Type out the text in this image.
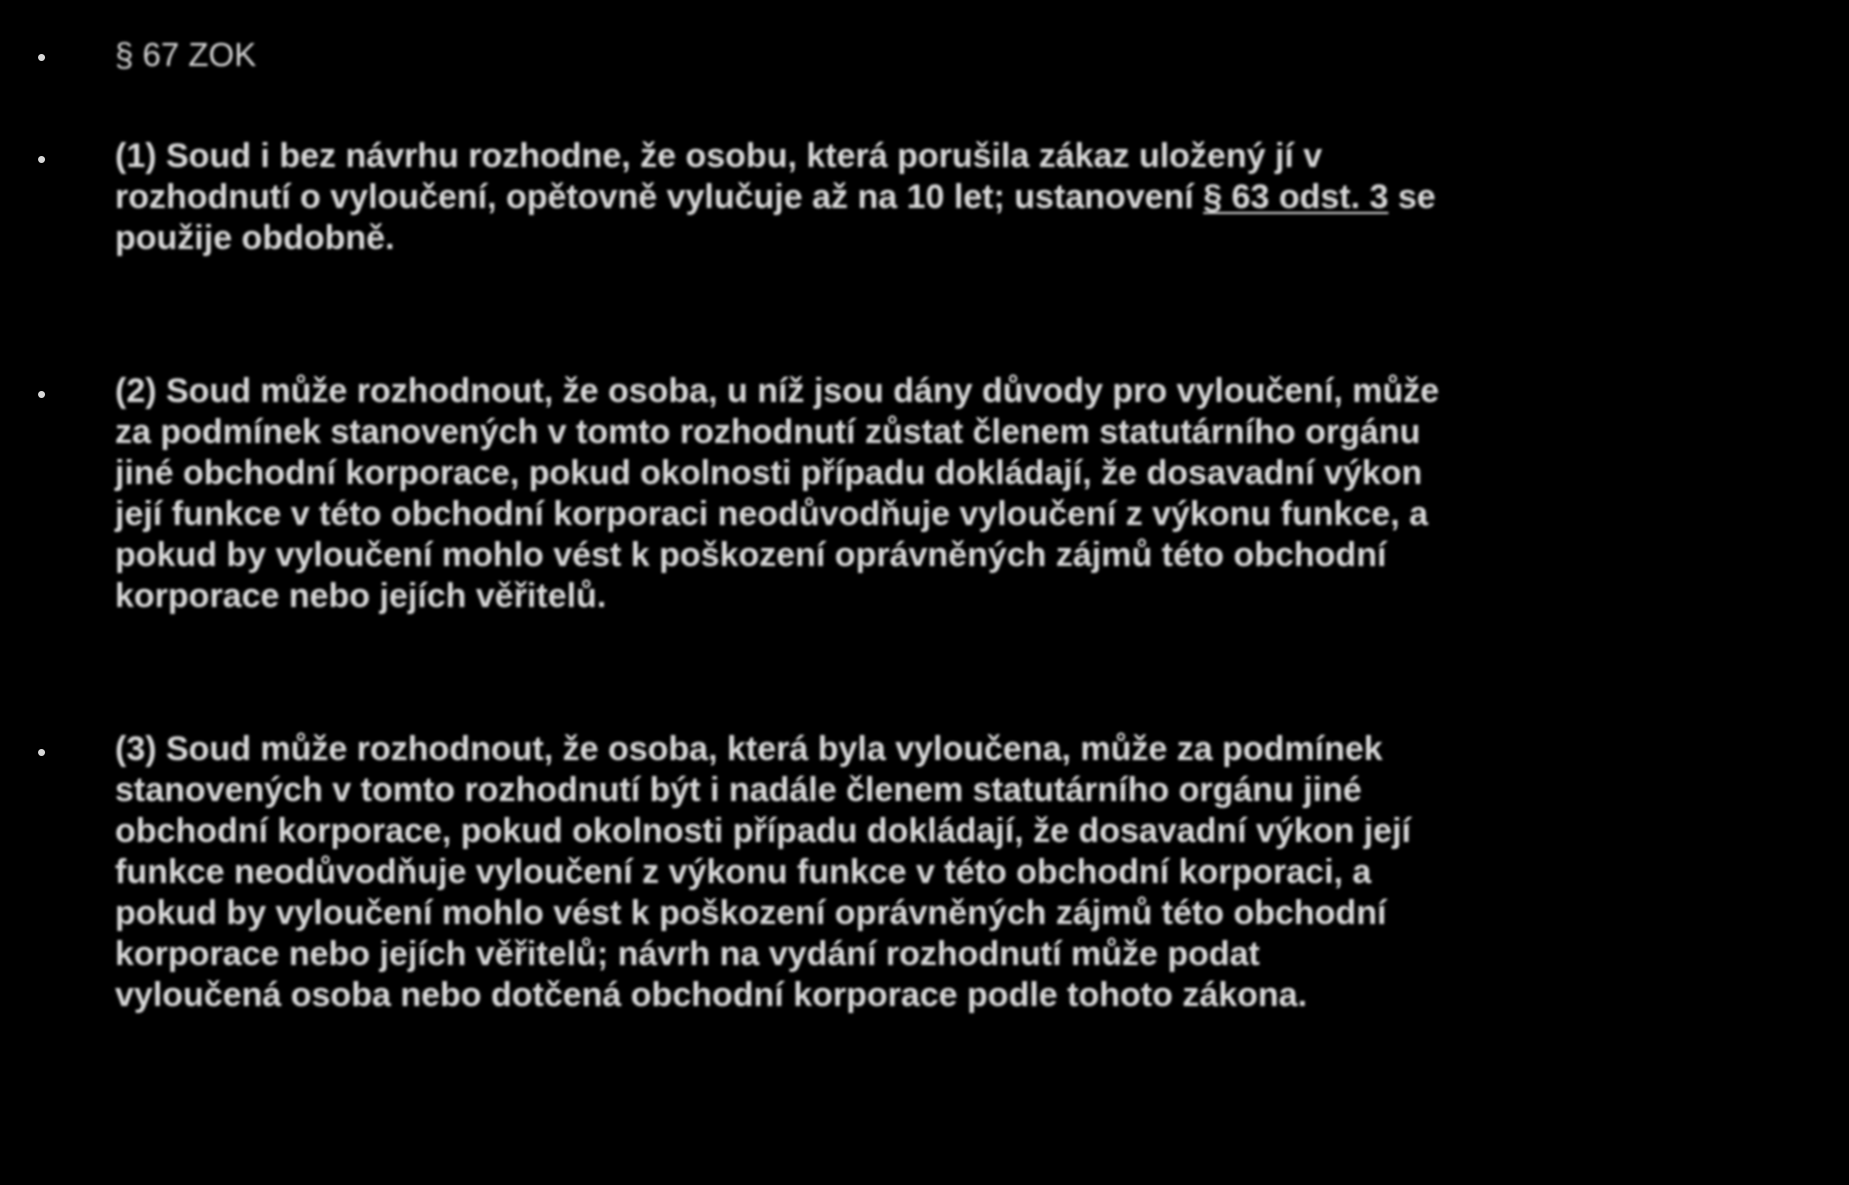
• § 67 ZOK

• (1) Soud i bez návrhu rozhodne, že osobu, která porušila zákaz uložený jí v
rozhodnutí o vyloučení, opětovně vylučuje až na 10 let; ustanovení § 63 odst. 3 se
použije obdobně.

• (2) Soud může rozhodnout, že osoba, u níž jsou dány důvody pro vyloučení, může
za podmínek stanovených v tomto rozhodnutí zůstat členem statutárního orgánu
jiné obchodní korporace, pokud okolnosti případu dokládají, že dosavadní výkon
její funkce v této obchodní korporaci neodůvodňuje vyloučení z výkonu funkce, a
pokud by vyloučení mohlo vést k poškození oprávněných zájmů této obchodní
korporace nebo jejích věřitelů.

• (3) Soud může rozhodnout, že osoba, která byla vyloučena, může za podmínek
stanovených v tomto rozhodnutí být i nadále členem statutárního orgánu jiné
obchodní korporace, pokud okolnosti případu dokládají, že dosavadní výkon její
funkce neodůvodňuje vyloučení z výkonu funkce v této obchodní korporaci, a
pokud by vyloučení mohlo vést k poškození oprávněných zájmů této obchodní
korporace nebo jejích věřitelů; návrh na vydání rozhodnutí může podat
vyloučená osoba nebo dotčená obchodní korporace podle tohoto zákona.
